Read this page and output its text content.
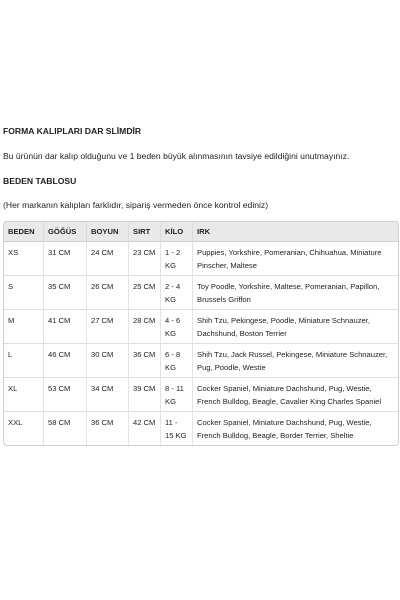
FORMA KALIPLARI DAR SLİMDİR

Bu ürünün dar kalıp olduğunu ve 1 beden büyük alınmasının tavsiye edildiğini unutmayınız.

BEDEN TABLOSU

(Her markanın kalıpları farklıdır, sipariş vermeden önce kontrol ediniz)

BEDEN	GÖĞÜS	BOYUN	SIRT	KİLO	IRK
XS	31 CM	24 CM	23 CM	1 - 2 KG	Puppies, Yorkshire, Pomeranian, Chihuahua, Miniature Pinscher, Maltese
S	35 CM	26 CM	25 CM	2 - 4 KG	Toy Poodle, Yorkshire, Maltese, Pomeranian, Papillon, Brussels Griffon
M	41 CM	27 CM	28 CM	4 - 6 KG	Shih Tzu, Pekingese, Poodle, Miniature Schnauzer, Dachshund, Boston Terrier
L	46 CM	30 CM	36 CM	6 - 8 KG	Shih Tzu, Jack Russel, Pekingese, Miniature Schnauzer, Pug, Poodle, Westie
XL	53 CM	34 CM	39 CM	8 - 11 KG	Cocker Spaniel, Miniature Dachshund, Pug, Westie, French Bulldog, Beagle, Cavalier King Charles Spaniel
XXL	58 CM	36 CM	42 CM	11 - 15 KG	Cocker Spaniel, Miniature Dachshund, Pug, Westie, French Bulldog, Beagle, Border Terrier, Sheltie
